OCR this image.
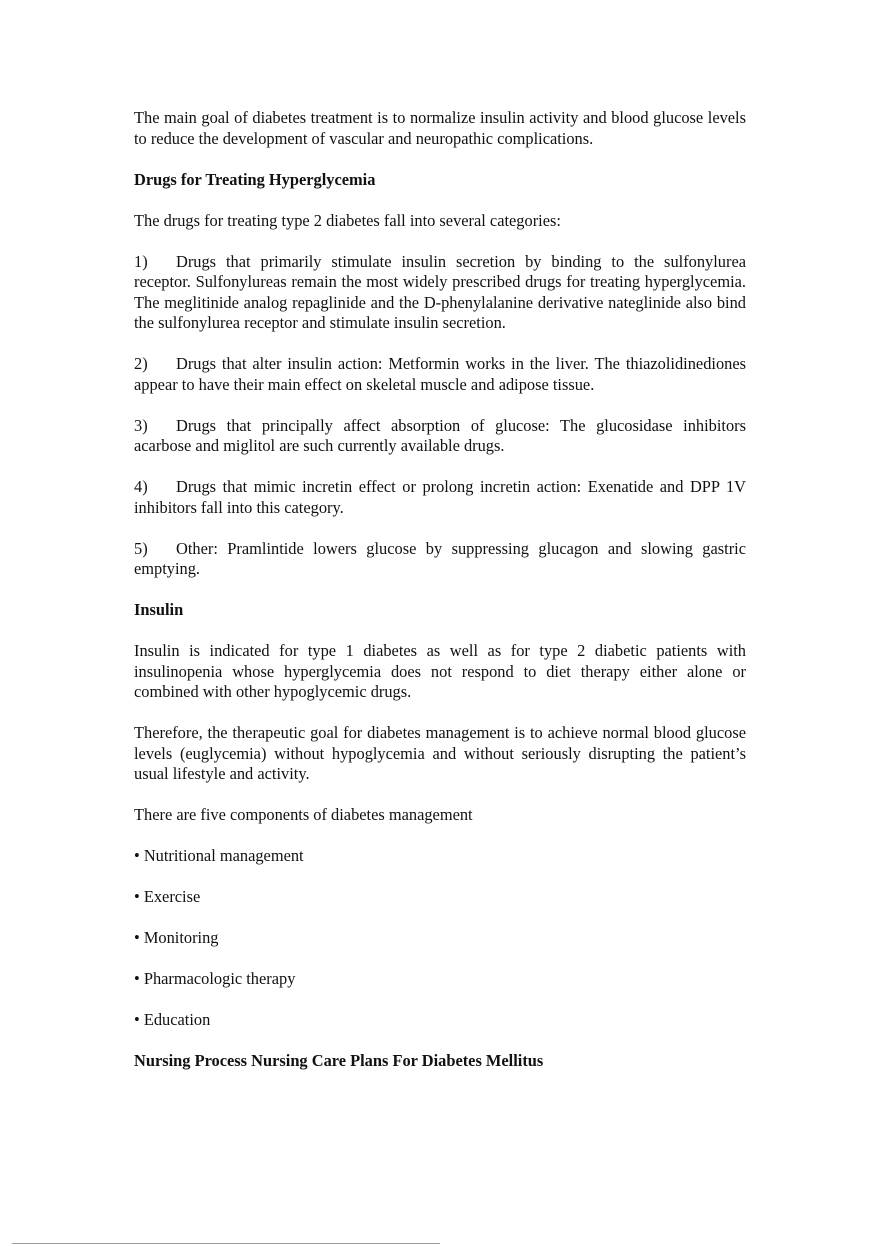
The main goal of diabetes treatment is to normalize insulin activity and blood glucose levels to reduce the development of vascular and neuropathic complications.

Drugs for Treating Hyperglycemia

The drugs for treating type 2 diabetes fall into several categories:

1) Drugs that primarily stimulate insulin secretion by binding to the sulfonylurea receptor. Sulfonylureas remain the most widely prescribed drugs for treating hyperglycemia. The meglitinide analog repaglinide and the D-phenylalanine derivative nateglinide also bind the sulfonylurea receptor and stimulate insulin secretion.

2) Drugs that alter insulin action: Metformin works in the liver. The thiazolidinediones appear to have their main effect on skeletal muscle and adipose tissue.

3) Drugs that principally affect absorption of glucose: The glucosidase inhibitors acarbose and miglitol are such currently available drugs.

4) Drugs that mimic incretin effect or prolong incretin action: Exenatide and DPP 1V inhibitors fall into this category.

5) Other: Pramlintide lowers glucose by suppressing glucagon and slowing gastric emptying.

Insulin

Insulin is indicated for type 1 diabetes as well as for type 2 diabetic patients with insulinopenia whose hyperglycemia does not respond to diet therapy either alone or combined with other hypoglycemic drugs.

Therefore, the therapeutic goal for diabetes management is to achieve normal blood glucose levels (euglycemia) without hypoglycemia and without seriously disrupting the patient’s usual lifestyle and activity.

There are five components of diabetes management

• Nutritional management

• Exercise

• Monitoring

• Pharmacologic therapy

• Education

Nursing Process Nursing Care Plans For Diabetes Mellitus
